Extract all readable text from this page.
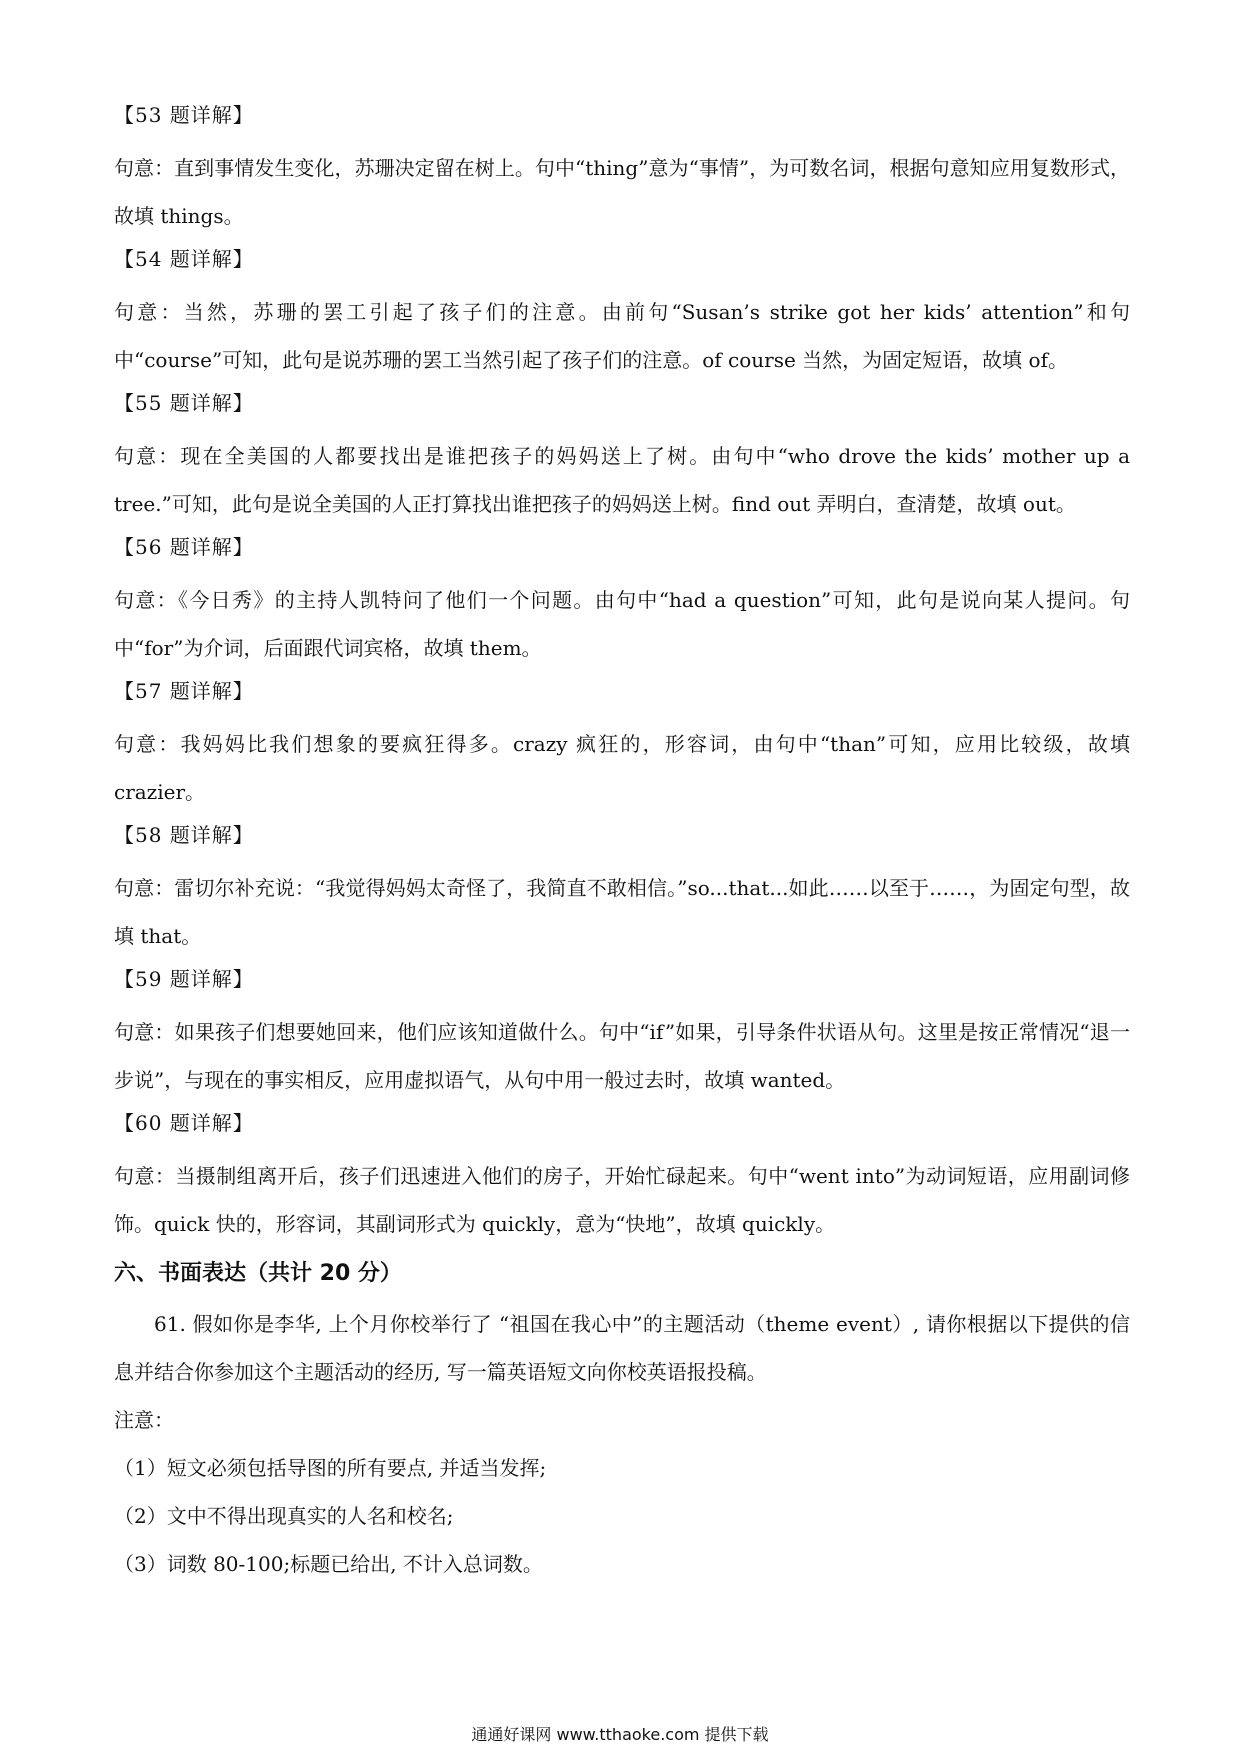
【53 题详解】

句意：直到事情发生变化，苏珊决定留在树上。句中“thing”意为“事情”，为可数名词，根据句意知应用复数形式，故填 things。

【54 题详解】

句意：当然，苏珊的罢工引起了孩子们的注意。由前句“Susan’s strike got her kids’ attention”和句中“course”可知，此句是说苏珊的罢工当然引起了孩子们的注意。of course 当然，为固定短语，故填 of。

【55 题详解】

句意：现在全美国的人都要找出是谁把孩子的妈妈送上了树。由句中“who drove the kids’ mother up a tree.”可知，此句是说全美国的人正打算找出谁把孩子的妈妈送上树。find out 弄明白，查清楚，故填 out。

【56 题详解】

句意：《今日秀》的主持人凯特问了他们一个问题。由句中“had a question”可知，此句是说向某人提问。句中“for”为介词，后面跟代词宾格，故填 them。

【57 题详解】

句意：我妈妈比我们想象的要疯狂得多。crazy 疯狂的，形容词，由句中“than”可知，应用比较级，故填 crazier。

【58 题详解】

句意：雷切尔补充说：“我觉得妈妈太奇怪了，我简直不敢相信。”so...that...如此……以至于……，为固定句型，故填 that。

【59 题详解】

句意：如果孩子们想要她回来，他们应该知道做什么。句中“if”如果，引导条件状语从句。这里是按正常情况“退一步说”，与现在的事实相反，应用虚拟语气，从句中用一般过去时，故填 wanted。

【60 题详解】

句意：当摄制组离开后，孩子们迅速进入他们的房子，开始忙碌起来。句中“went into”为动词短语，应用副词修饰。quick 快的，形容词，其副词形式为 quickly，意为“快地”，故填 quickly。

六、书面表达（共计 20 分）

61. 假如你是李华, 上个月你校举行了 “祖国在我心中”的主题活动（theme event）, 请你根据以下提供的信息并结合你参加这个主题活动的经历, 写一篇英语短文向你校英语报投稿。

注意：

（1）短文必须包括导图的所有要点, 并适当发挥;

（2）文中不得出现真实的人名和校名;

（3）词数 80-100;标题已给出, 不计入总词数。

通通好课网 www.tthaoke.com 提供下载
